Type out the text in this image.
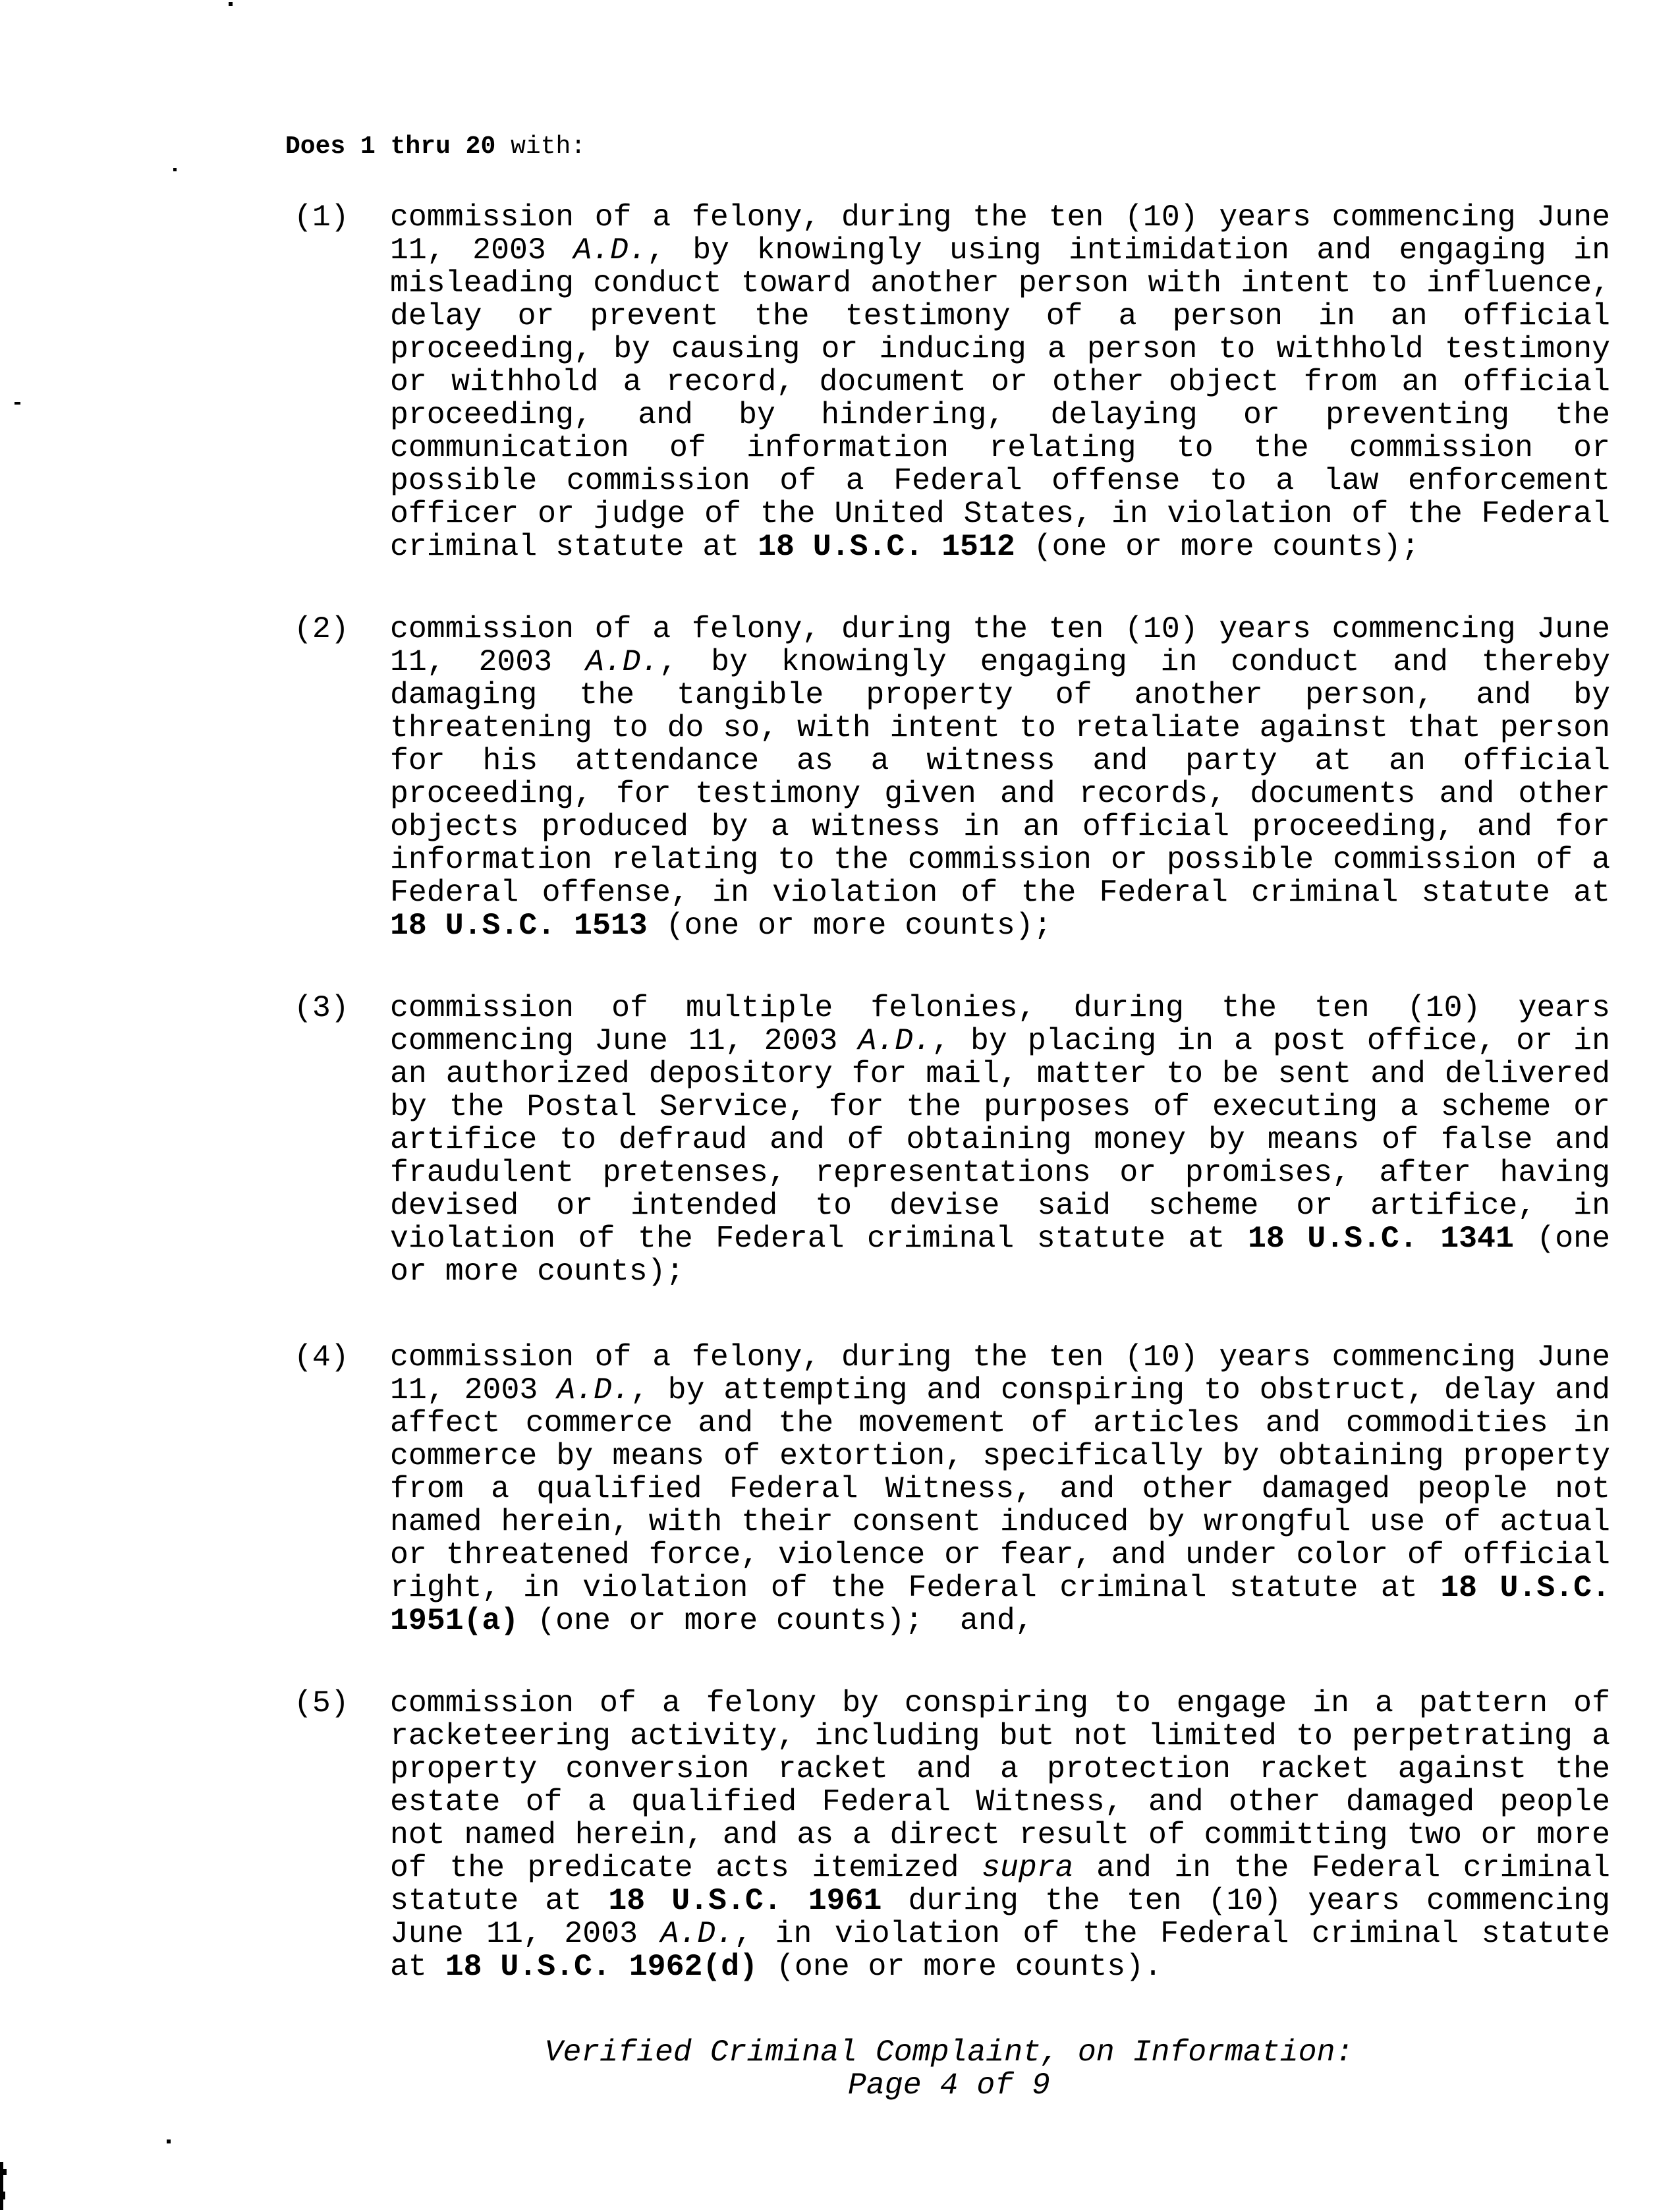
Does 1 thru 20 with:
(1)	commission of a felony, during the ten (10) years commencing June 11, 2003 A.D., by knowingly using intimidation and engaging in misleading conduct toward another person with intent to influence, delay or prevent the testimony of a person in an official proceeding, by causing or inducing a person to withhold testimony or withhold a record, document or other object from an official proceeding, and by hindering, delaying or preventing the communication of information relating to the commission or possible commission of a Federal offense to a law enforcement officer or judge of the United States, in violation of the Federal criminal statute at 18 U.S.C. 1512 (one or more counts);
(2)	commission of a felony, during the ten (10) years commencing June 11, 2003 A.D., by knowingly engaging in conduct and thereby damaging the tangible property of another person, and by threatening to do so, with intent to retaliate against that person for his attendance as a witness and party at an official proceeding, for testimony given and records, documents and other objects produced by a witness in an official proceeding, and for information relating to the commission or possible commission of a Federal offense, in violation of the Federal criminal statute at 18 U.S.C. 1513 (one or more counts);
(3)	commission of multiple felonies, during the ten (10) years commencing June 11, 2003 A.D., by placing in a post office, or in an authorized depository for mail, matter to be sent and delivered by the Postal Service, for the purposes of executing a scheme or artifice to defraud and of obtaining money by means of false and fraudulent pretenses, representations or promises, after having devised or intended to devise said scheme or artifice, in violation of the Federal criminal statute at 18 U.S.C. 1341 (one or more counts);
(4)	commission of a felony, during the ten (10) years commencing June 11, 2003 A.D., by attempting and conspiring to obstruct, delay and affect commerce and the movement of articles and commodities in commerce by means of extortion, specifically by obtaining property from a qualified Federal Witness, and other damaged people not named herein, with their consent induced by wrongful use of actual or threatened force, violence or fear, and under color of official right, in violation of the Federal criminal statute at 18 U.S.C. 1951(a) (one or more counts);  and,
(5)	commission of a felony by conspiring to engage in a pattern of racketeering activity, including but not limited to perpetrating a property conversion racket and a protection racket against the estate of a qualified Federal Witness, and other damaged people not named herein, and as a direct result of committing two or more of the predicate acts itemized supra and in the Federal criminal statute at 18 U.S.C. 1961 during the ten (10) years commencing June 11, 2003 A.D., in violation of the Federal criminal statute at 18 U.S.C. 1962(d) (one or more counts).
Verified Criminal Complaint, on Information:
Page 4 of 9
